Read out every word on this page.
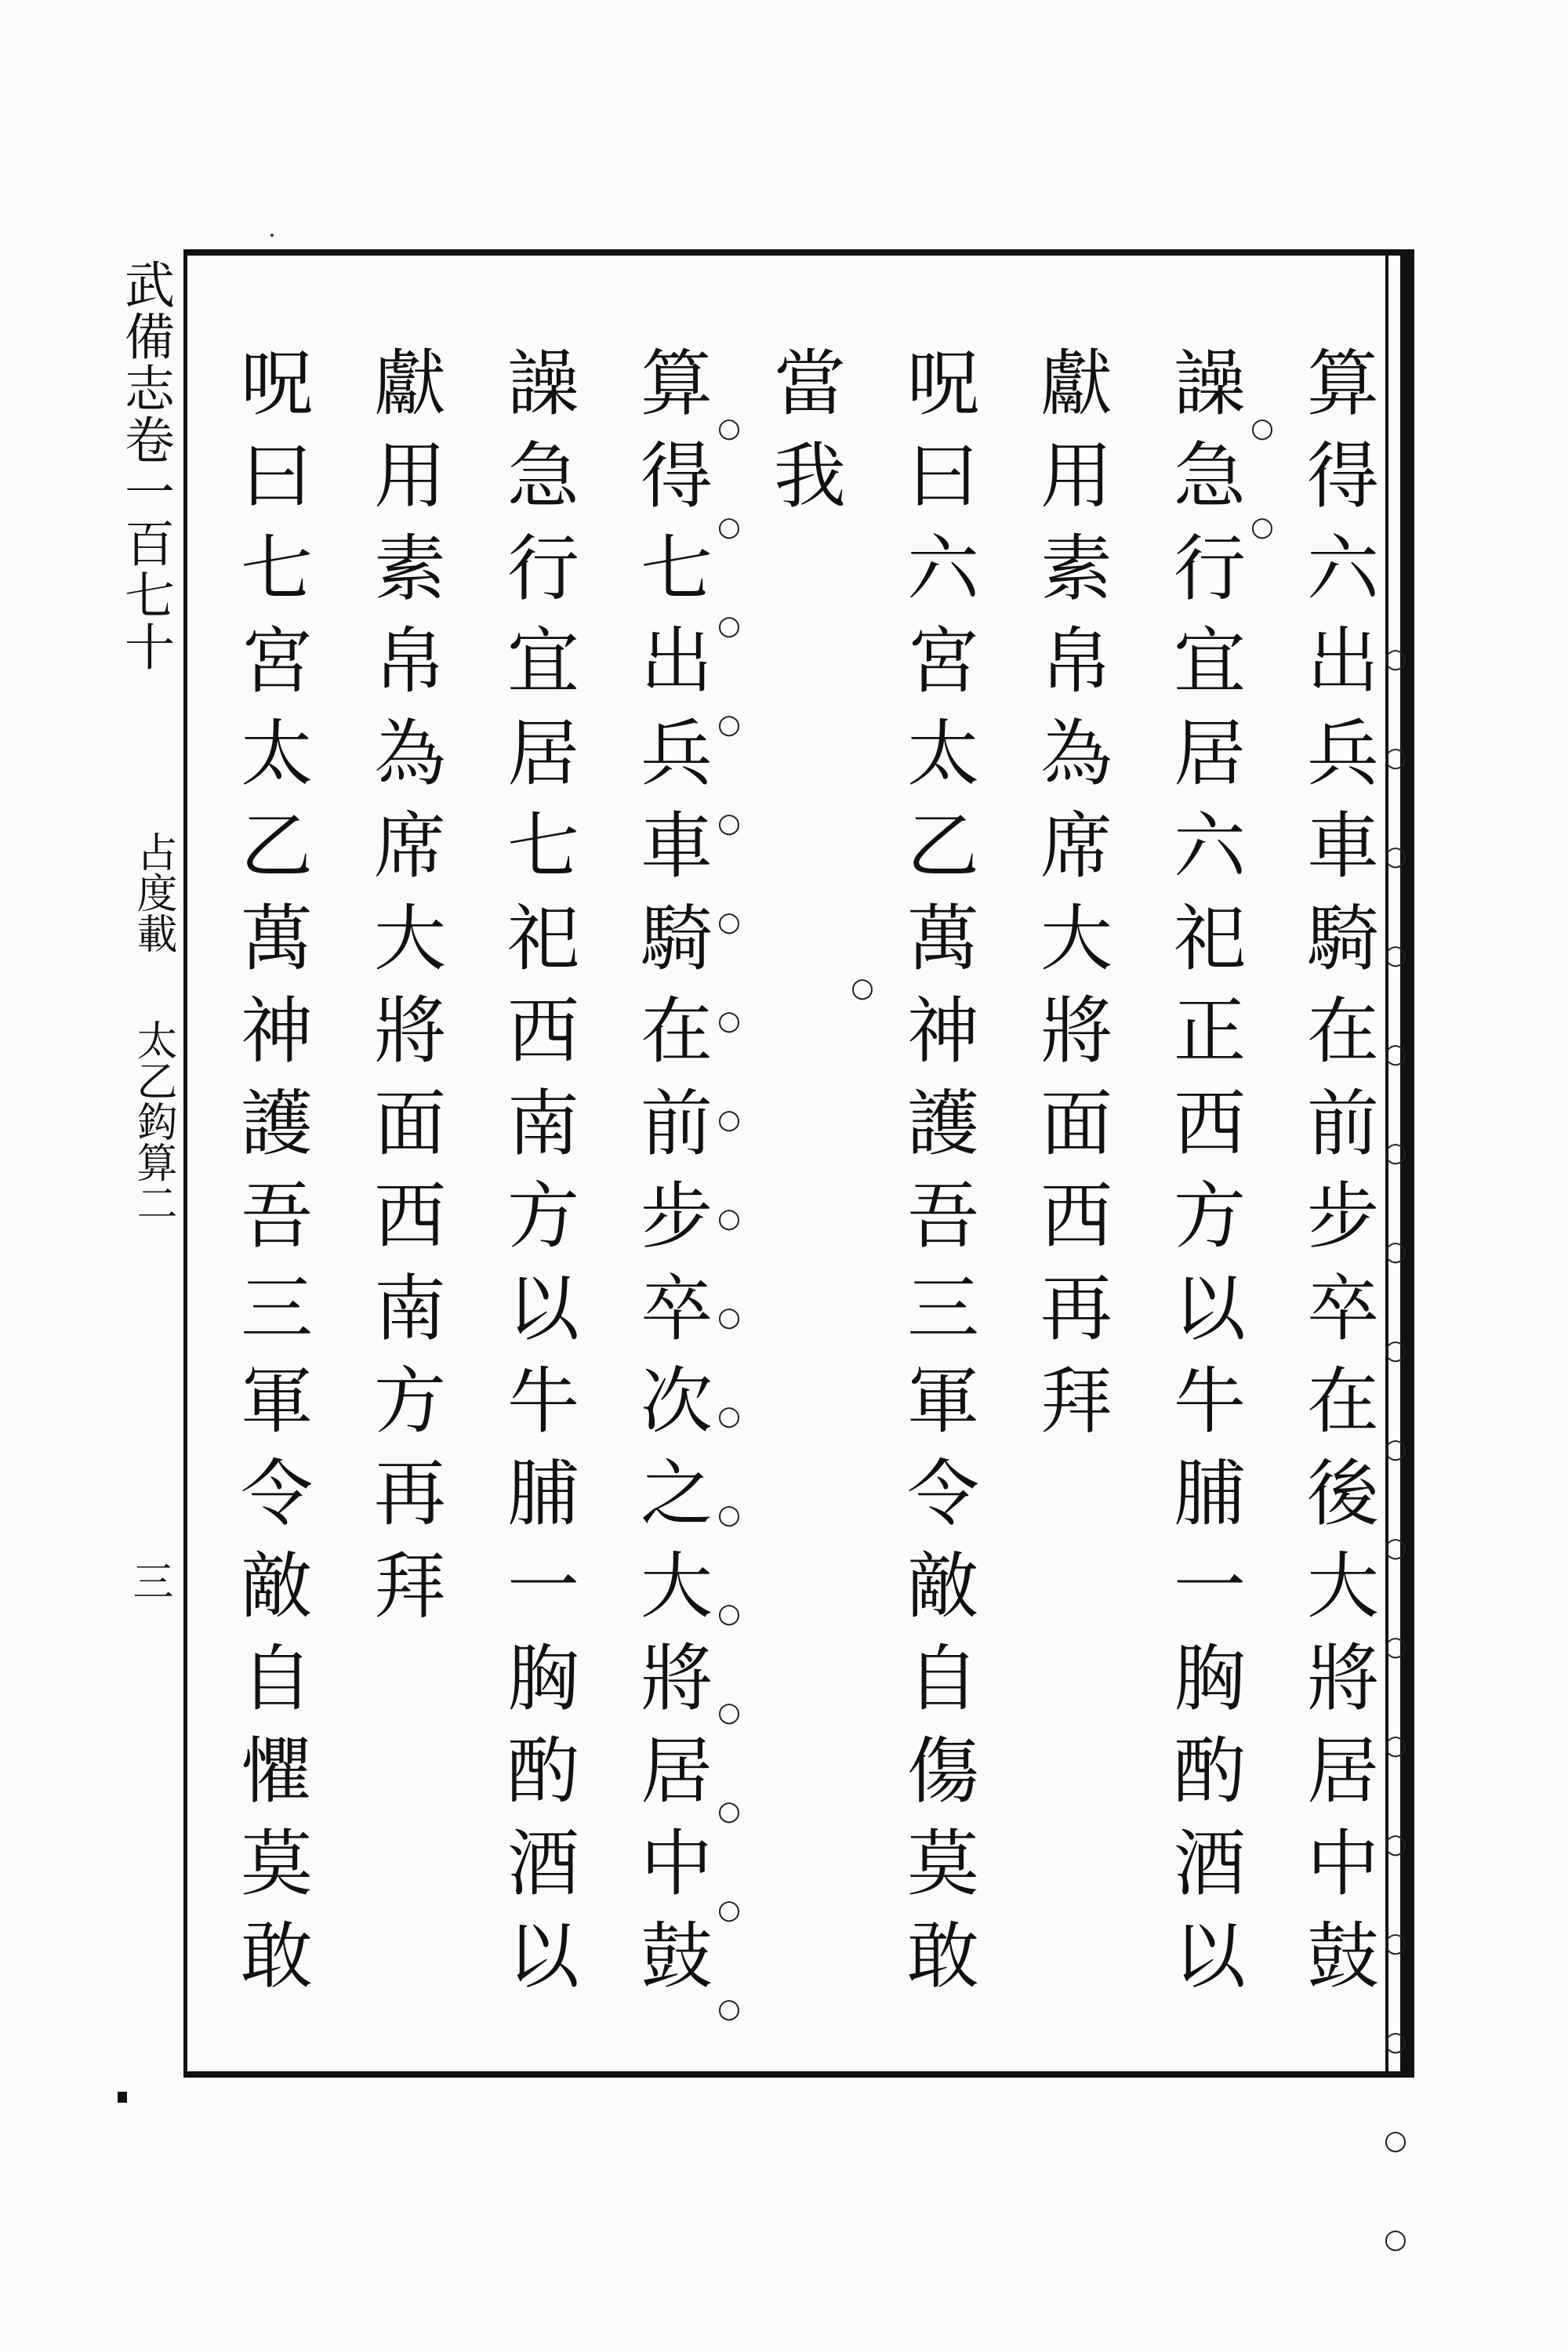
武備志卷一百七十
占度載
太乙鈎算二
三	算得六出兵車騎在前步卒在後大將居中鼓
譟急行宜居六祀正西方以牛脯一胸酌酒以
獻用素帛為席大將面西再拜
呪曰六宮太乙萬神護吾三軍令敵自傷莫敢
當我
算得七出兵車騎在前步卒次之大將居中鼓
譟急行宜居七祀西南方以牛脯一胸酌酒以
獻用素帛為席大將面西南方再拜
呪曰七宮太乙萬神護吾三軍令敵自懼莫敢	○○○○○○○○○○○○○○○○○
○○
○
○○○○○○○○○○○○○○○○○
